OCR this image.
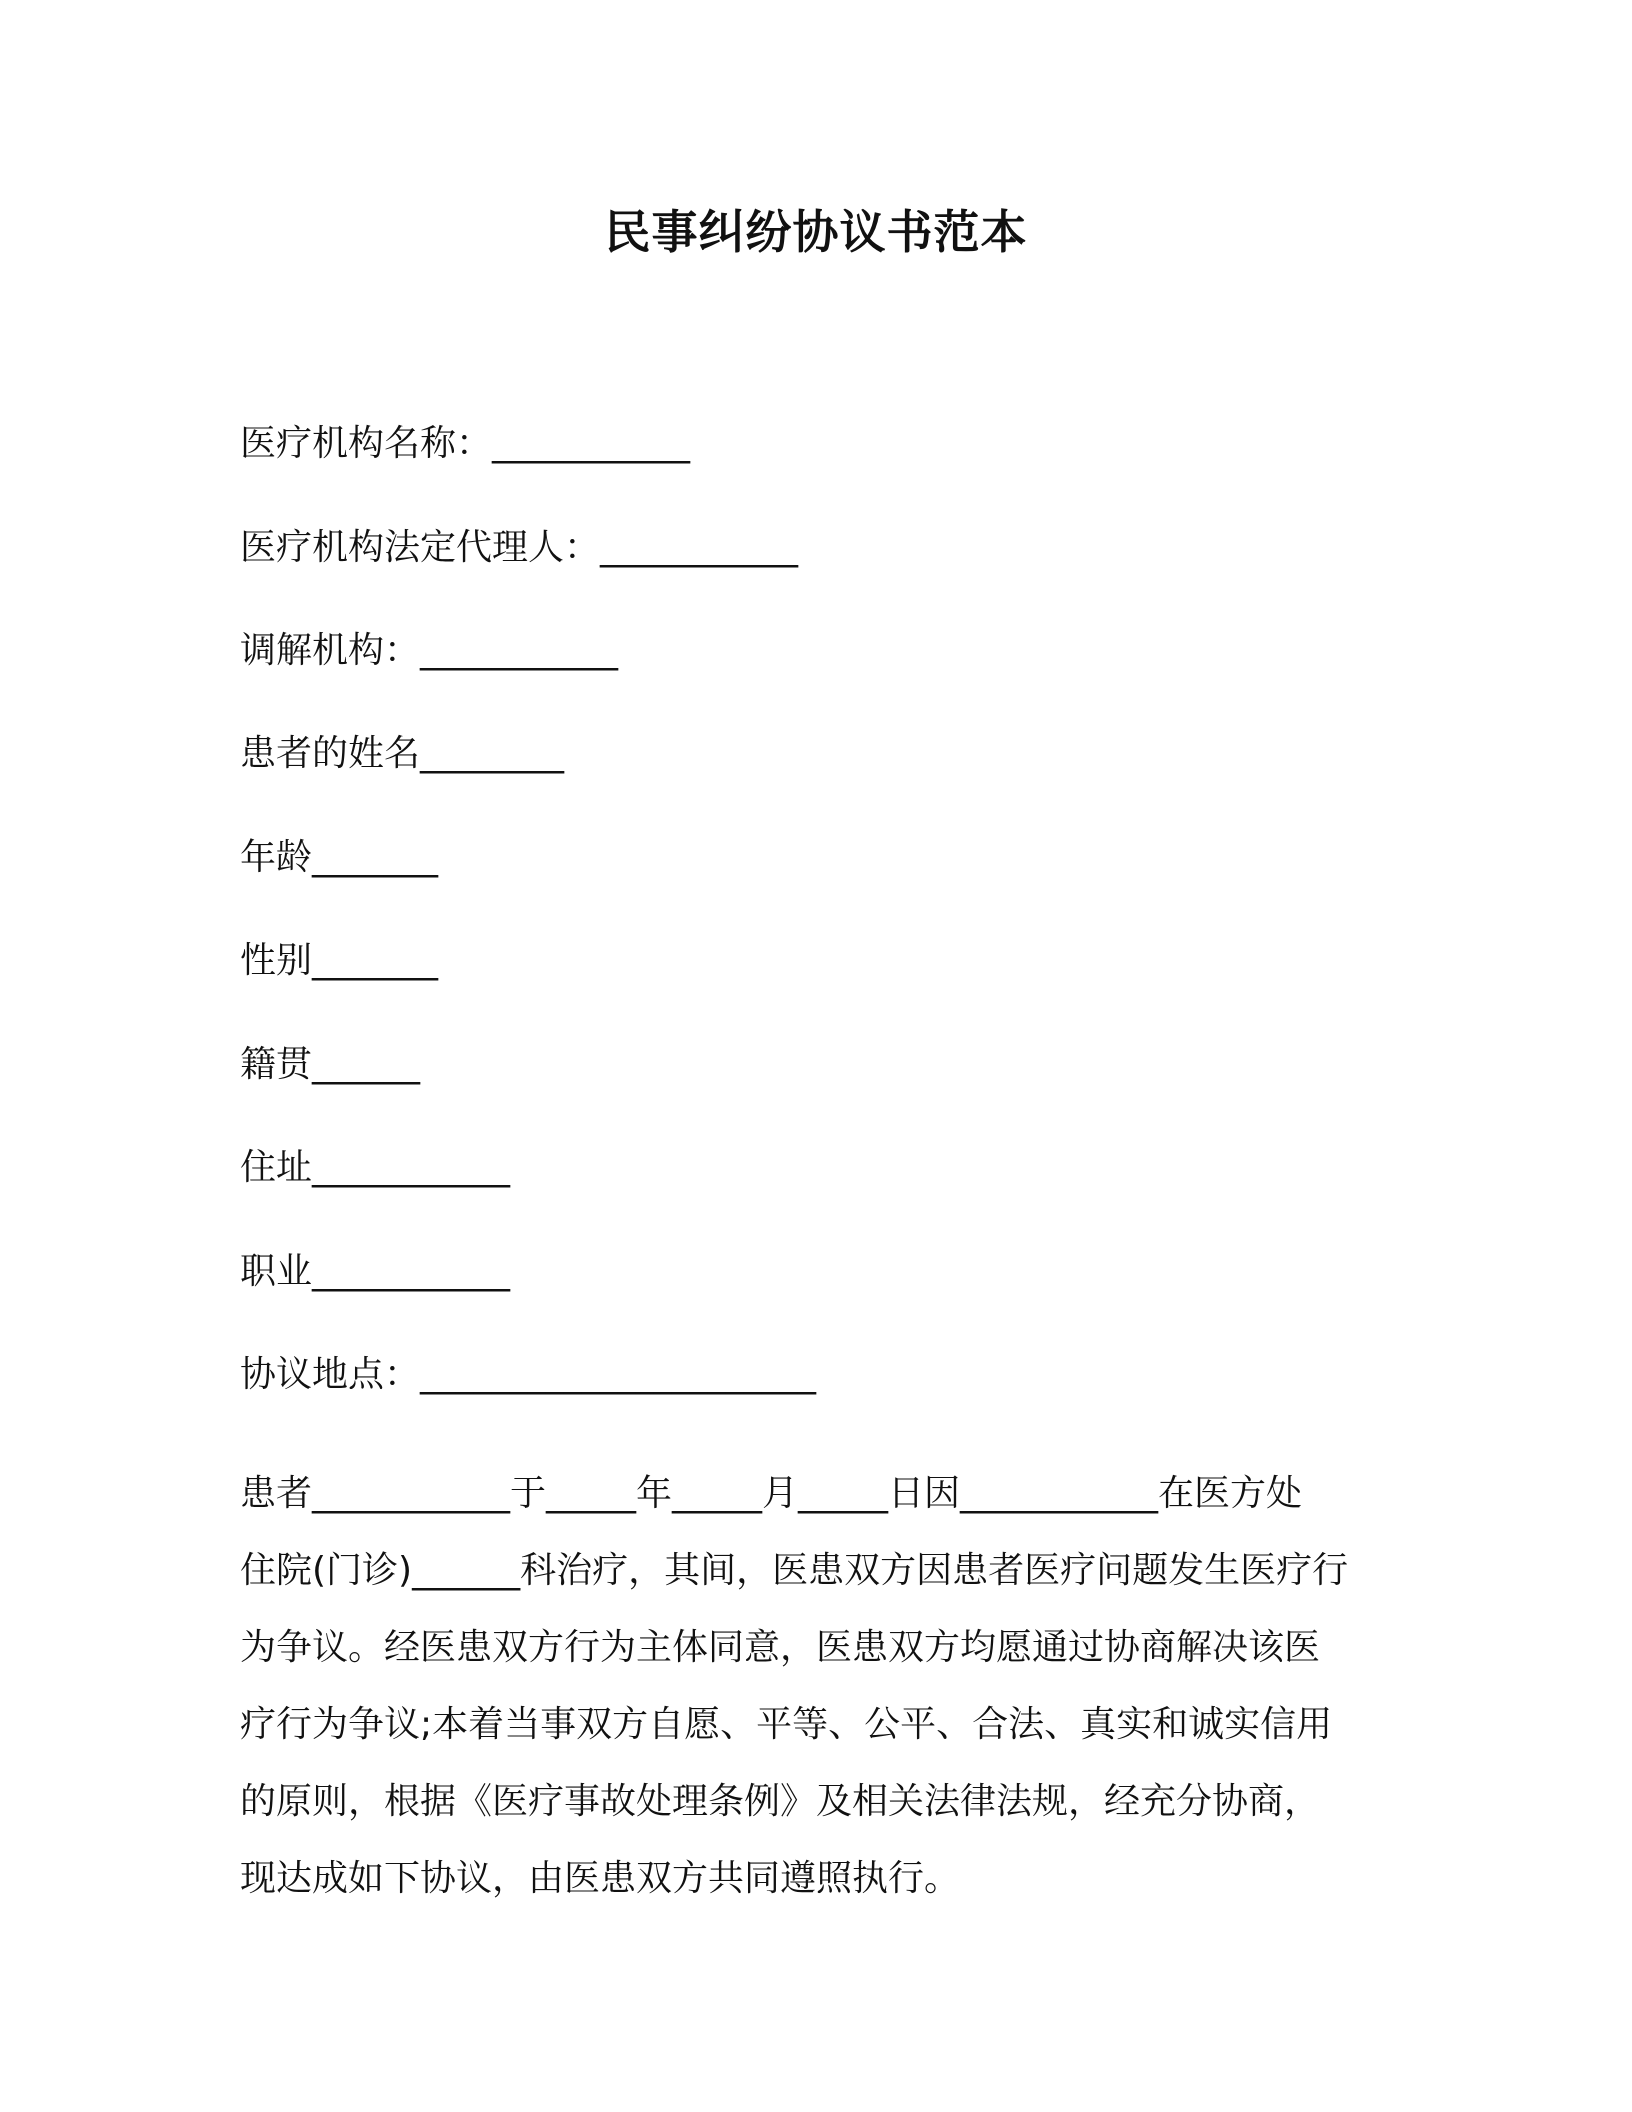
民事纠纷协议书范本
医疗机构名称：___________
医疗机构法定代理人：___________
调解机构：___________
患者的姓名________
年龄_______
性别_______
籍贯______
住址___________
职业___________
协议地点：______________________

患者___________于_____年_____月_____日因___________在医方处

住院(门诊)______科治疗，其间，医患双方因患者医疗问题发生医疗行

为争议。经医患双方行为主体同意，医患双方均愿通过协商解决该医

疗行为争议;本着当事双方自愿、平等、公平、合法、真实和诚实信用

的原则，根据《医疗事故处理条例》及相关法律法规，经充分协商，

现达成如下协议，由医患双方共同遵照执行。
